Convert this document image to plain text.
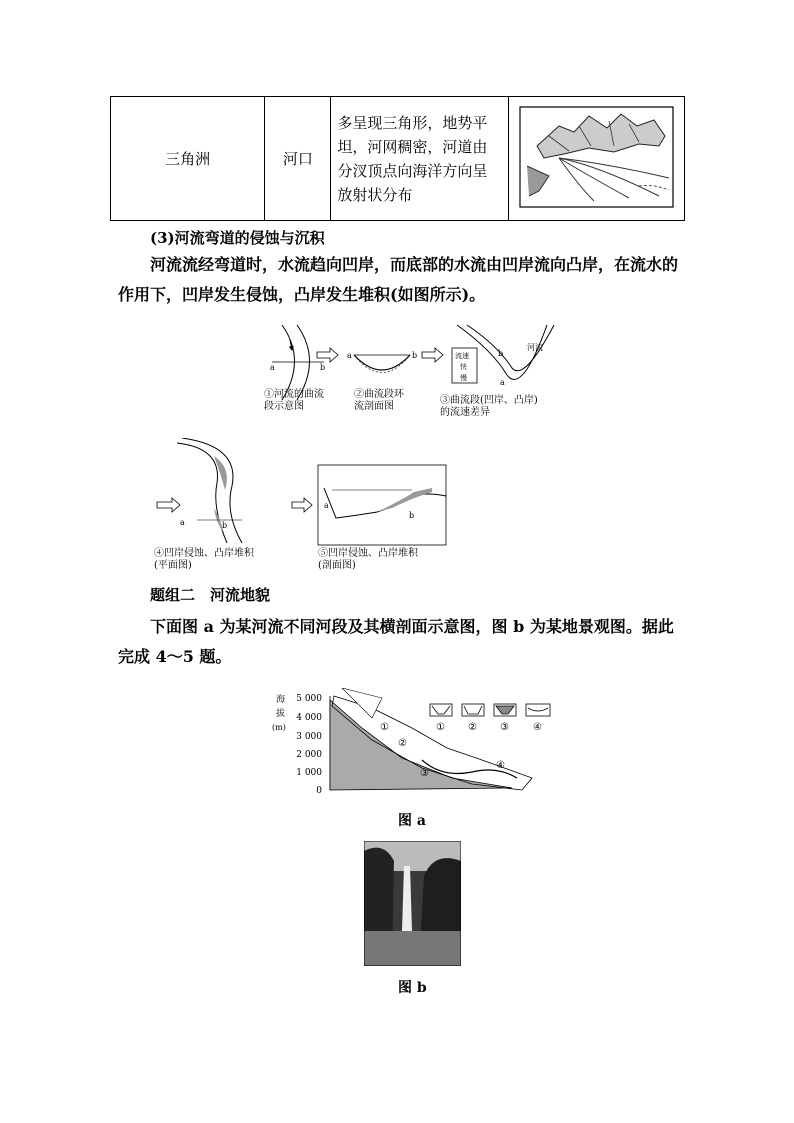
三角洲	河口	多呈现三角形，地势平坦，河网稠密，河道由分汊顶点向海洋方向呈放射状分布	
(3)河流弯道的侵蚀与沉积
河流流经弯道时，水流趋向凹岸，而底部的水流由凹岸流向凸岸，在流水的作用下，凹岸发生侵蚀，凸岸发生堆积(如图所示)。
a	b
a	b	流速
快
慢	a
b
河流
①河流的曲流
段示意图
②曲流段环
流剖面图
③曲流段(凹岸、凸岸)
的流速差异
a	b
a
b
④凹岸侵蚀、凸岸堆积
(平面图)
⑤凹岸侵蚀、凸岸堆积
(剖面图)
题组二　河流地貌
下面图 a 为某河流不同河段及其横剖面示意图，图 b 为某地景观图。据此完成 4～5 题。
海
拔
(m)
5 000
4 000
3 000
2 000
1 000
0
①
②
③
④
① ② ③ ④
图 a
图 b
